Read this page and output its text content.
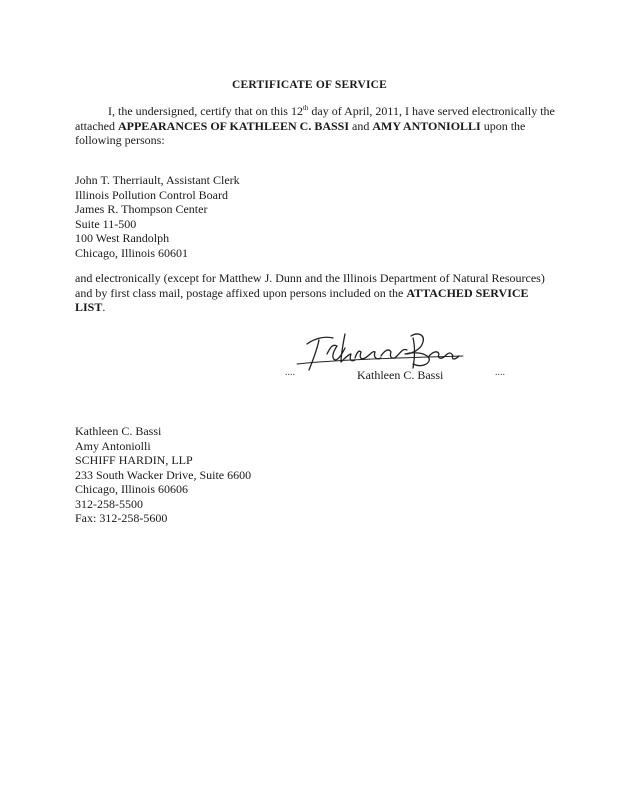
CERTIFICATE OF SERVICE
I, the undersigned, certify that on this 12th day of April, 2011, I have served electronically the attached APPEARANCES OF KATHLEEN C. BASSI and AMY ANTONIOLLI upon the following persons:
John T. Therriault, Assistant Clerk
Illinois Pollution Control Board
James R. Thompson Center
Suite 11-500
100 West Randolph
Chicago, Illinois 60601
and electronically (except for Matthew J. Dunn and the Illinois Department of Natural Resources) and by first class mail, postage affixed upon persons included on the ATTACHED SERVICE LIST.
....	Kathleen C. Bassi	....
Kathleen C. Bassi
Amy Antoniolli
SCHIFF HARDIN, LLP
233 South Wacker Drive, Suite 6600
Chicago, Illinois 60606
312-258-5500
Fax: 312-258-5600
